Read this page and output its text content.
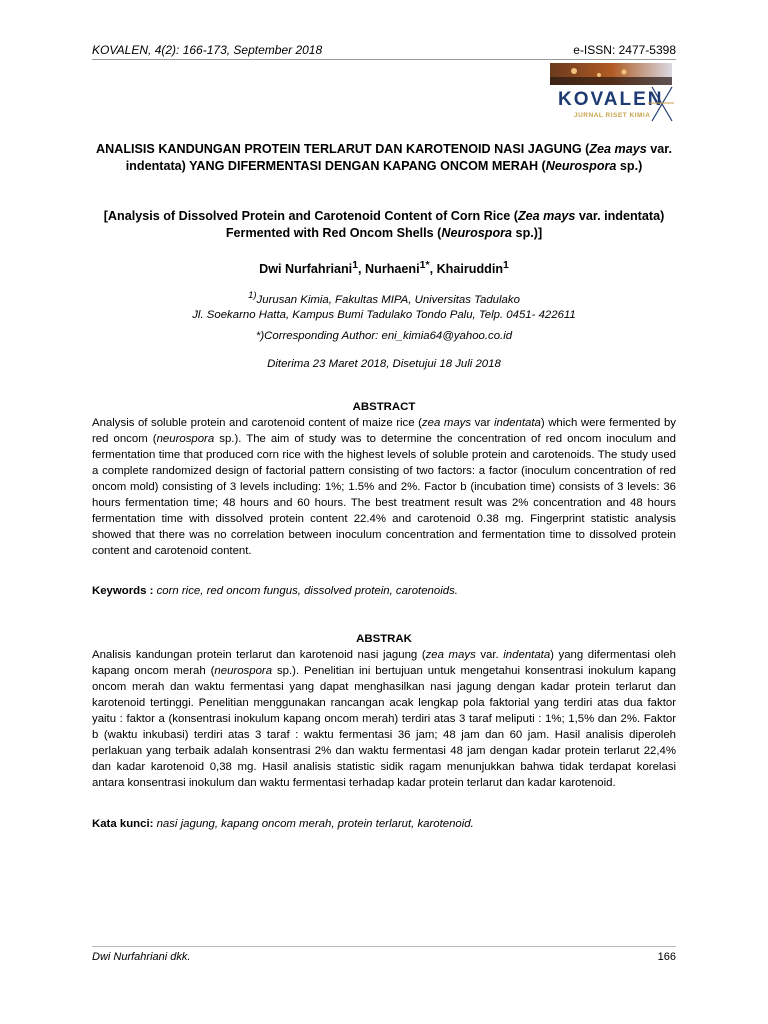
KOVALEN, 4(2): 166-173, September 2018	e-ISSN: 2477-5398
KOVALEN
JURNAL RISET KIMIA
ANALISIS KANDUNGAN PROTEIN TERLARUT DAN KAROTENOID NASI JAGUNG (Zea mays var. indentata) YANG DIFERMENTASI DENGAN KAPANG ONCOM MERAH (Neurospora sp.)
[Analysis of Dissolved Protein and Carotenoid Content of Corn Rice (Zea mays var. indentata) Fermented with Red Oncom Shells (Neurospora sp.)]
Dwi Nurfahriani$^1$, Nurhaeni$^{1*}$, Khairuddin$^1$
$^{1)}$Jurusan Kimia, Fakultas MIPA, Universitas Tadulako
Jl. Soekarno Hatta, Kampus Bumi Tadulako Tondo Palu, Telp. 0451- 422611
*)Corresponding Author: eni_kimia64@yahoo.co.id
Diterima 23 Maret 2018, Disetujui 18 Juli 2018
ABSTRACT
Analysis of soluble protein and carotenoid content of maize rice (zea mays var indentata) which were fermented by red oncom (neurospora sp.). The aim of study was to determine the concentration of red oncom inoculum and fermentation time that produced corn rice with the highest levels of soluble protein and carotenoids. The study used a complete randomized design of factorial pattern consisting of two factors: a factor (inoculum concentration of red oncom mold) consisting of 3 levels including: 1%; 1.5% and 2%. Factor b (incubation time) consists of 3 levels: 36 hours fermentation time; 48 hours and 60 hours. The best treatment result was 2% concentration and 48 hours fermentation time with dissolved protein content 22.4% and carotenoid 0.38 mg. Fingerprint statistic analysis showed that there was no correlation between inoculum concentration and fermentation time to dissolved protein content and carotenoid content.
Keywords : corn rice, red oncom fungus, dissolved protein, carotenoids.
ABSTRAK
Analisis kandungan protein terlarut dan karotenoid nasi jagung (zea mays var. indentata) yang difermentasi oleh kapang oncom merah (neurospora sp.). Penelitian ini bertujuan untuk mengetahui konsentrasi inokulum kapang oncom merah dan waktu fermentasi yang dapat menghasilkan nasi jagung dengan kadar protein terlarut dan karotenoid tertinggi. Penelitian menggunakan rancangan acak lengkap pola faktorial yang terdiri atas dua faktor yaitu : faktor a (konsentrasi inokulum kapang oncom merah) terdiri atas 3 taraf meliputi : 1%; 1,5% dan 2%. Faktor b (waktu inkubasi) terdiri atas 3 taraf : waktu fermentasi 36 jam; 48 jam dan 60 jam. Hasil analisis diperoleh perlakuan yang terbaik adalah konsentrasi 2% dan waktu fermentasi 48 jam dengan kadar protein terlarut 22,4% dan kadar karotenoid 0,38 mg. Hasil analisis statistic sidik ragam menunjukkan bahwa tidak terdapat korelasi antara konsentrasi inokulum dan waktu fermentasi terhadap kadar protein terlarut dan kadar karotenoid.
Kata kunci: nasi jagung, kapang oncom merah, protein terlarut, karotenoid.
Dwi Nurfahriani dkk.	166
